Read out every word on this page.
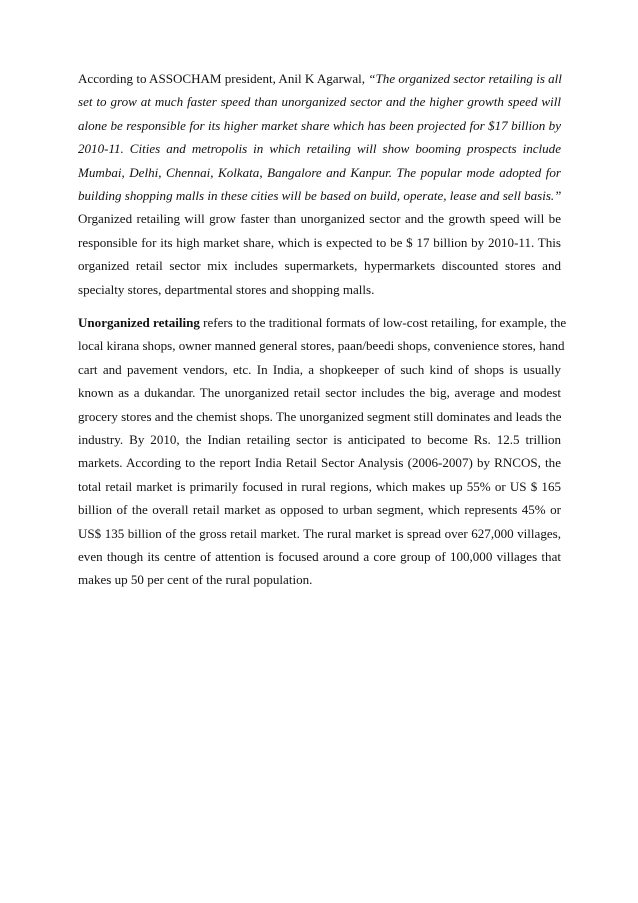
According to ASSOCHAM president, Anil K Agarwal, “The organized sector retailing is all
set to grow at much faster speed than unorganized sector and the higher growth speed will
alone be responsible for its higher market share which has been projected for $17 billion by
2010-11. Cities and metropolis in which retailing will show booming prospects include
Mumbai, Delhi, Chennai, Kolkata, Bangalore and Kanpur. The popular mode adopted for
building shopping malls in these cities will be based on build, operate, lease and sell basis.”
Organized retailing will grow faster than unorganized sector and the growth speed will be
responsible for its high market share, which is expected to be $ 17 billion by 2010-11. This
organized retail sector mix includes supermarkets, hypermarkets discounted stores and
specialty stores, departmental stores and shopping malls.
Unorganized retailing refers to the traditional formats of low-cost retailing, for example, the
local kirana shops, owner manned general stores, paan/beedi shops, convenience stores, hand
cart and pavement vendors, etc. In India, a shopkeeper of such kind of shops is usually
known as a dukandar. The unorganized retail sector includes the big, average and modest
grocery stores and the chemist shops. The unorganized segment still dominates and leads the
industry. By 2010, the Indian retailing sector is anticipated to become Rs. 12.5 trillion
markets. According to the report India Retail Sector Analysis (2006-2007) by RNCOS, the
total retail market is primarily focused in rural regions, which makes up 55% or US $ 165
billion of the overall retail market as opposed to urban segment, which represents 45% or
US$ 135 billion of the gross retail market. The rural market is spread over 627,000 villages,
even though its centre of attention is focused around a core group of 100,000 villages that
makes up 50 per cent of the rural population.
